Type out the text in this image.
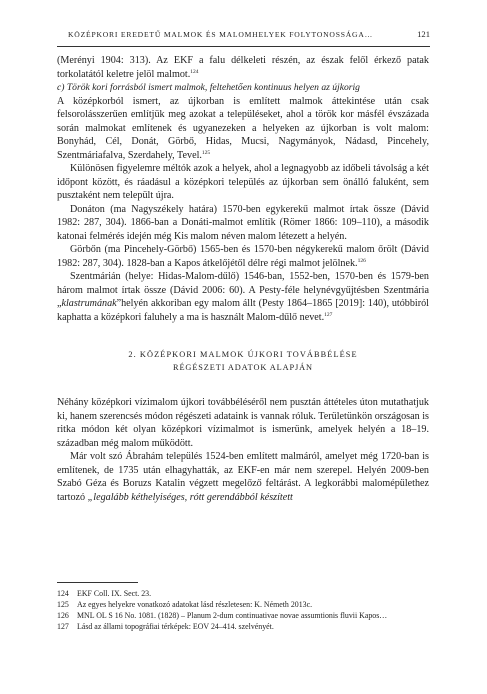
KÖZÉPKORI EREDETŰ MALMOK ÉS MALOMHELYEK FOLYTONOSSÁGA…	121

(Merényi 1904: 313). Az EKF a falu délkeleti részén, az észak felől érkező patak torkolatától keletre jelöl malmot.$^{124}$

c) Török kori forrásból ismert malmok, feltehetően kontinuus helyen az újkorig

A középkorból ismert, az újkorban is említett malmok áttekintése után csak felsorolásszerűen említjük meg azokat a településeket, ahol a török kor másfél évszázada során malmokat említenek és ugyanezeken a helyeken az újkorban is volt malom: Bonyhád, Cél, Donát, Görbő, Hidas, Mucsi, Nagymányok, Nádasd, Pincehely, Szentmáriafalva, Szerdahely, Tevel.$^{125}$

Különösen figyelemre méltók azok a helyek, ahol a legnagyobb az időbeli távolság a két időpont között, és ráadásul a középkori település az újkorban sem önálló faluként, sem pusztaként nem települt újra.

Donáton (ma Nagyszékely határa) 1570-ben egykerekű malmot írtak össze (Dávid 1982: 287, 304). 1866-ban a Donáti-malmot említik (Römer 1866: 109–110), a második katonai felmérés idején még Kis malom néven malom létezett a helyén.

Görbőn (ma Pincehely-Görbő) 1565-ben és 1570-ben négykerekű malom őrölt (Dávid 1982: 287, 304). 1828-ban a Kapos átkelőjétől délre régi malmot jelölnek.$^{126}$

Szentmárián (helye: Hidas-Malom-dűlő) 1546-ban, 1552-ben, 1570-ben és 1579-ben három malmot írtak össze (Dávid 2006: 60). A Pesty-féle helynévgyűjtésben Szentmária „klastrumának”helyén akkoriban egy malom állt (Pesty 1864–1865 [2019]: 140), utóbbiról kaphatta a középkori faluhely a ma is használt Malom-dűlő nevet.$^{127}$

2. KÖZÉPKORI MALMOK ÚJKORI TOVÁBBÉLÉSE
RÉGÉSZETI ADATOK ALAPJÁN

Néhány középkori vízimalom újkori továbbéléséről nem pusztán áttételes úton mutathatjuk ki, hanem szerencsés módon régészeti adataink is vannak róluk. Területünkön országosan is ritka módon két olyan középkori vízimalmot is ismerünk, amelyek helyén a 18–19. században még malom működött.

Már volt szó Ábrahám település 1524-ben említett malmáról, amelyet még 1720-ban is említenek, de 1735 után elhagyhatták, az EKF-en már nem szerepel. Helyén 2009-ben Szabó Géza és Boruzs Katalin végzett megelőző feltárást. A legkorábbi malomépülethez tartozó „legalább kéthelyiséges, rótt gerendábból készített

124	EKF Coll. IX. Sect. 23.
125	Az egyes helyekre vonatkozó adatokat lásd részletesen: K. Németh 2013c.
126	MNL OL S 16 No. 1081. (1828) – Planum 2-dum continuativae novae assumtionis fluvii Kapos…
127	Lásd az állami topográfiai térképek: EOV 24–414. szelvényét.
